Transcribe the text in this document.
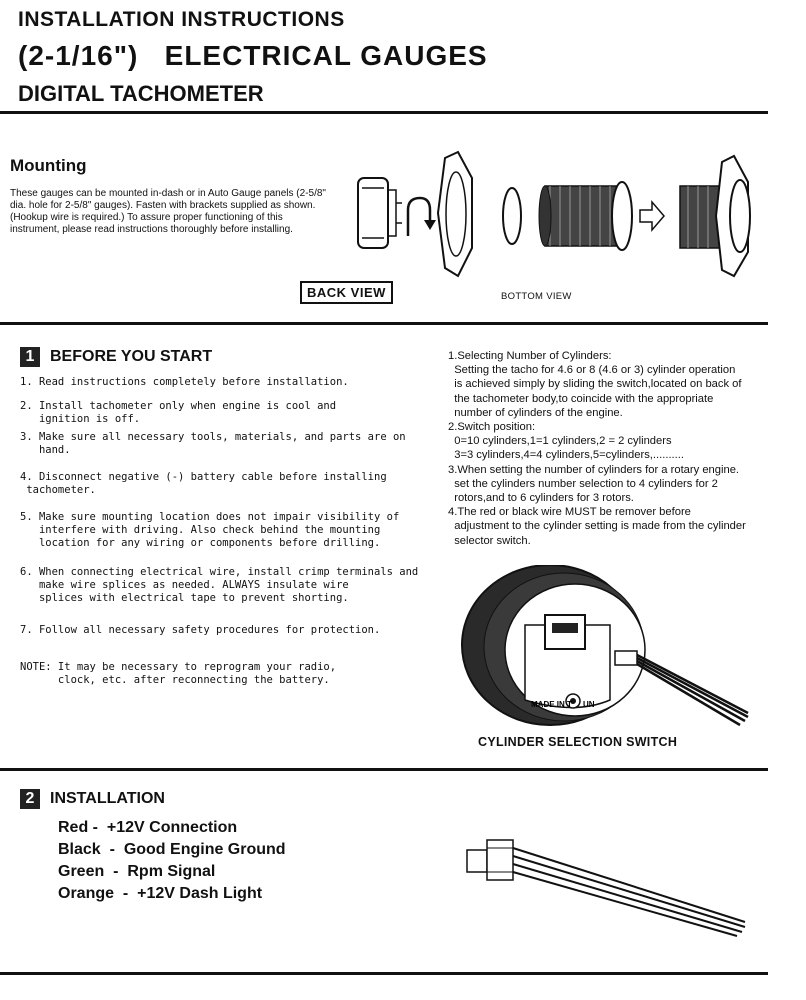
INSTALLATION INSTRUCTIONS
(2-1/16")   ELECTRICAL GAUGES
DIGITAL TACHOMETER
Mounting
These gauges can be mounted in-dash or in Auto Gauge panels (2-5/8" dia. hole for 2-5/8" gauges). Fasten with brackets supplied as shown. (Hookup wire is required.) To assure proper functioning of this instrument, please read instructions thoroughly before installing.
BACK VIEW	BOTTOM VIEW
1 BEFORE YOU START
1. Read instructions completely before installation.
2. Install tachometer only when engine is cool and
ignition is off.
3. Make sure all necessary tools, materials, and parts are on
hand.
4. Disconnect negative (-) battery cable before installing
tachometer.
5. Make sure mounting location does not impair visibility of
interfere with driving. Also check behind the mounting
location for any wiring or components before drilling.
6. When connecting electrical wire, install crimp terminals and
make wire splices as needed. ALWAYS insulate wire
splices with electrical tape to prevent shorting.
7. Follow all necessary safety procedures for protection.
NOTE: It may be necessary to reprogram your radio,
clock, etc. after reconnecting the battery.
1.Selecting Number of Cylinders:
Setting the tacho for 4.6 or 8 (4.6 or 3) cylinder operation
is achieved simply by sliding the switch,located on back of
the tachometer body,to coincide with the appropriate
number of cylinders of the engine.
2.Switch position:
0=10 cylinders,1=1 cylinders,2 = 2 cylinders
3=3 cylinders,4=4 cylinders,5=cylinders,..........
3.When setting the number of cylinders for a rotary engine.
set the cylinders number selection to 4 cylinders for 2
rotors,and to 6 cylinders for 3 rotors.
4.The red or black wire MUST be remover before
adjustment to the cylinder setting is made from the cylinder
selector switch.
MADE IN T UN
CYLINDER SELECTION SWITCH
2 INSTALLATION
Red -  +12V Connection
Black  -  Good Engine Ground
Green  -  Rpm Signal
Orange  -  +12V Dash Light
